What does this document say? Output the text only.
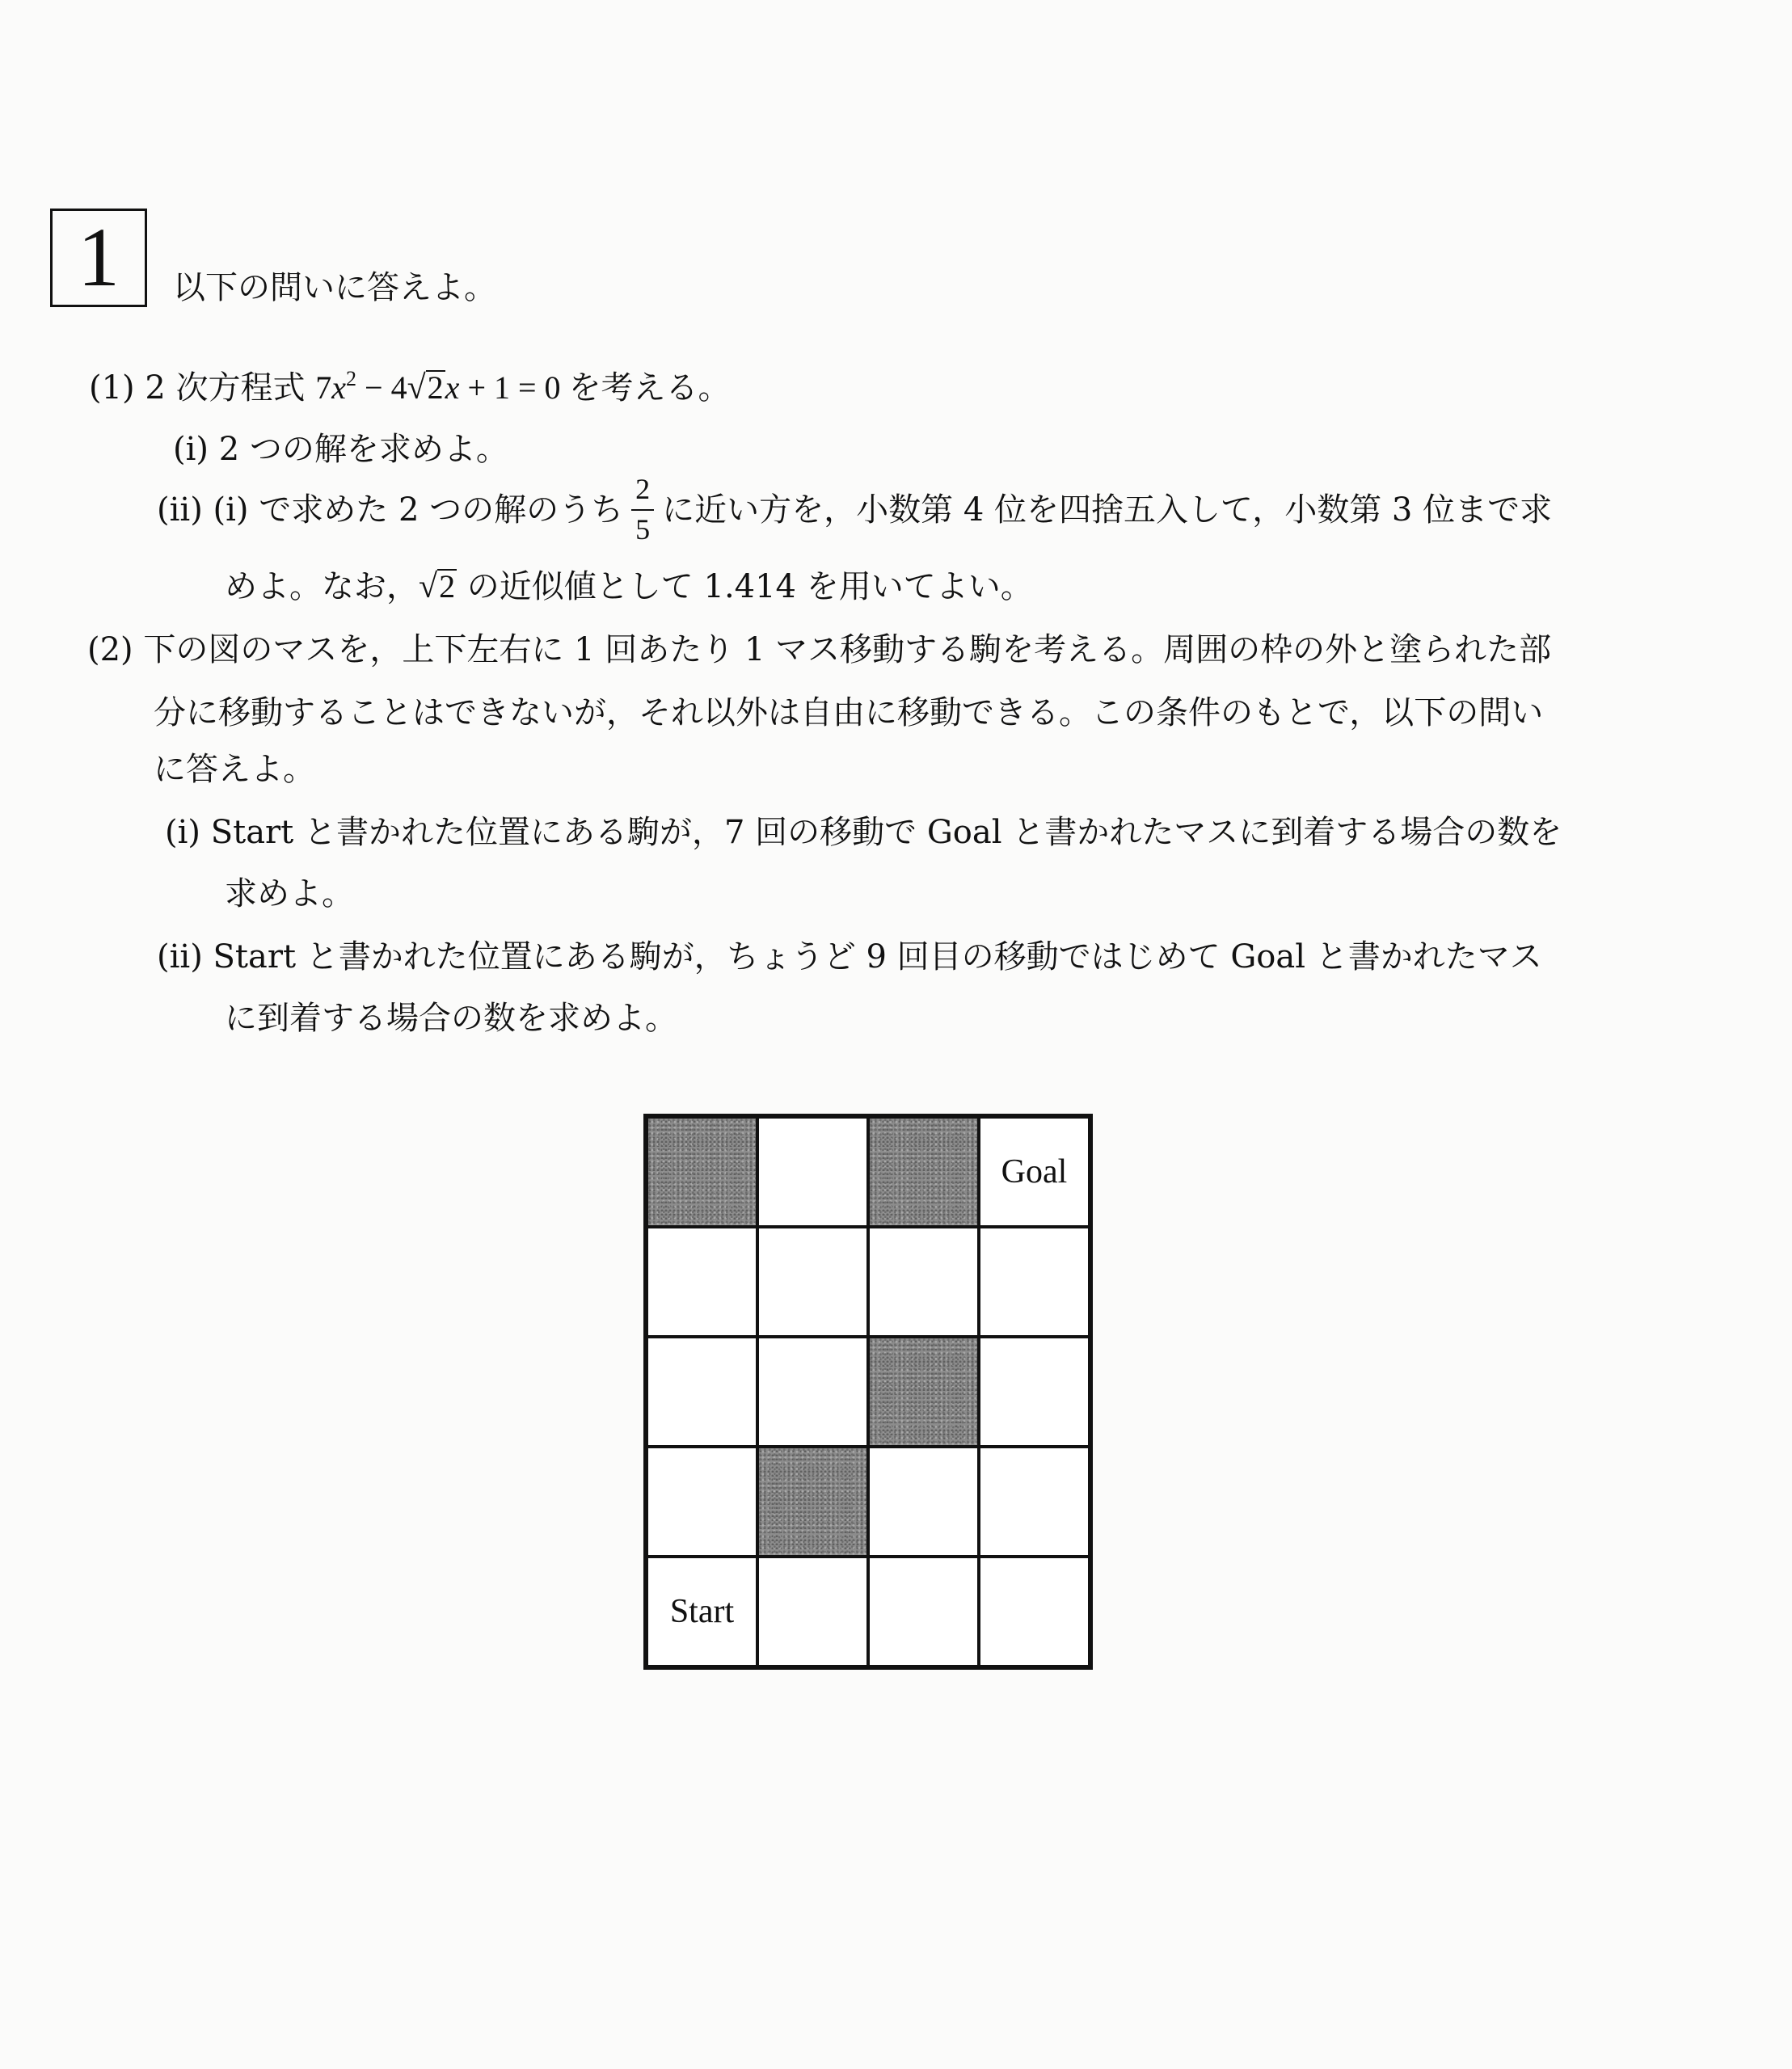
1 以下の問いに答えよ。
(1) 2 次方程式 $7x^2 - 4√2x + 1 = 0$ を考える。
(i) 2 つの解を求めよ。
(ii)
(i) で求めた 2 つの解のうち $\frac{2}{5}$ に近い方を，小数第 4 位を四捨五入して，小数第 3 位まで求
めよ。なお，√2 の近似値として 1.414 を用いてよい。
(2) 下の図のマスを，上下左右に 1 回あたり 1 マス移動する駒を考える。周囲の枠の外と塗られた部
分に移動することはできないが，それ以外は自由に移動できる。この条件のもとで，以下の問い
に答えよ。
(i) Start と書かれた位置にある駒が，7 回の移動で Goal と書かれたマスに到着する場合の数を
求めよ。
(ii) Start と書かれた位置にある駒が，ちょうど 9 回目の移動ではじめて Goal と書かれたマス
に到着する場合の数を求めよ。
Goal
Start
